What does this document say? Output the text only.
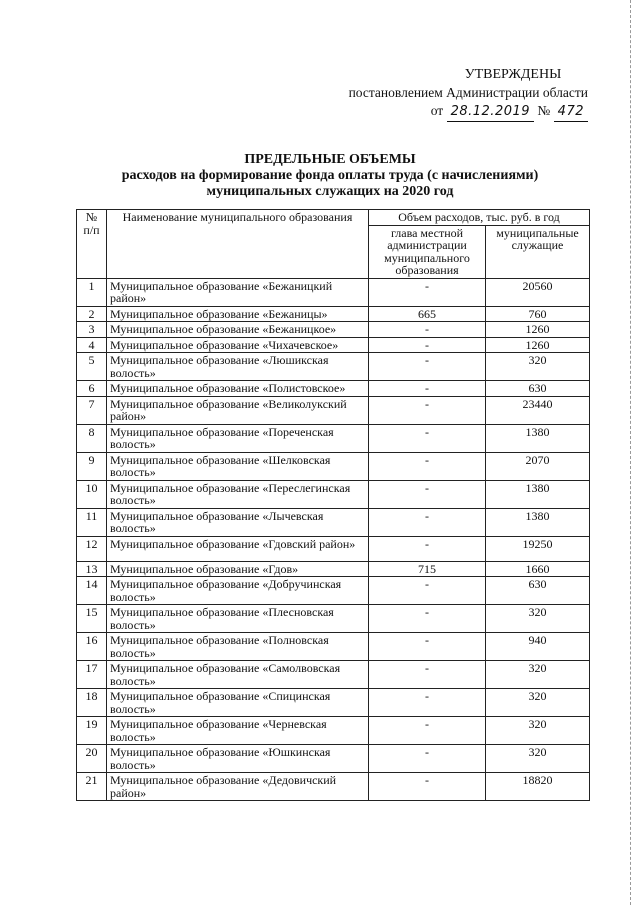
УТВЕРЖДЕНЫ
постановлением Администрации области
от 28.12.2019 № 472
ПРЕДЕЛЬНЫЕ ОБЪЕМЫ
расходов на формирование фонда оплаты труда (с начислениями)
муниципальных служащих на 2020 год
№ п/п	Наименование муниципального образования	Объем расходов, тыс. руб. в год	
		глава местной администрации муниципального образования	муниципальные служащие
1	Муниципальное образование «Бежаницкий район»	-	20560
2	Муниципальное образование «Бежаницы»	665	760
3	Муниципальное образование «Бежаницкое»	-	1260
4	Муниципальное образование «Чихачевское»	-	1260
5	Муниципальное образование «Люшикская волость»	-	320
6	Муниципальное образование «Полистовское»	-	630
7	Муниципальное образование «Великолукский район»	-	23440
8	Муниципальное образование «Пореченская волость»	-	1380
9	Муниципальное образование «Шелковская волость»	-	2070
10	Муниципальное образование «Переслегинская волость»	-	1380
11	Муниципальное образование «Лычевская волость»	-	1380
12	Муниципальное образование «Гдовский район»	-	19250
13	Муниципальное образование «Гдов»	715	1660
14	Муниципальное образование «Добручинская волость»	-	630
15	Муниципальное образование «Плесновская волость»	-	320
16	Муниципальное образование «Полновская волость»	-	940
17	Муниципальное образование «Самолвовская волость»	-	320
18	Муниципальное образование «Спицинская волость»	-	320
19	Муниципальное образование «Черневская волость»	-	320
20	Муниципальное образование «Юшкинская волость»	-	320
21	Муниципальное образование «Дедовичский район»	-	18820
